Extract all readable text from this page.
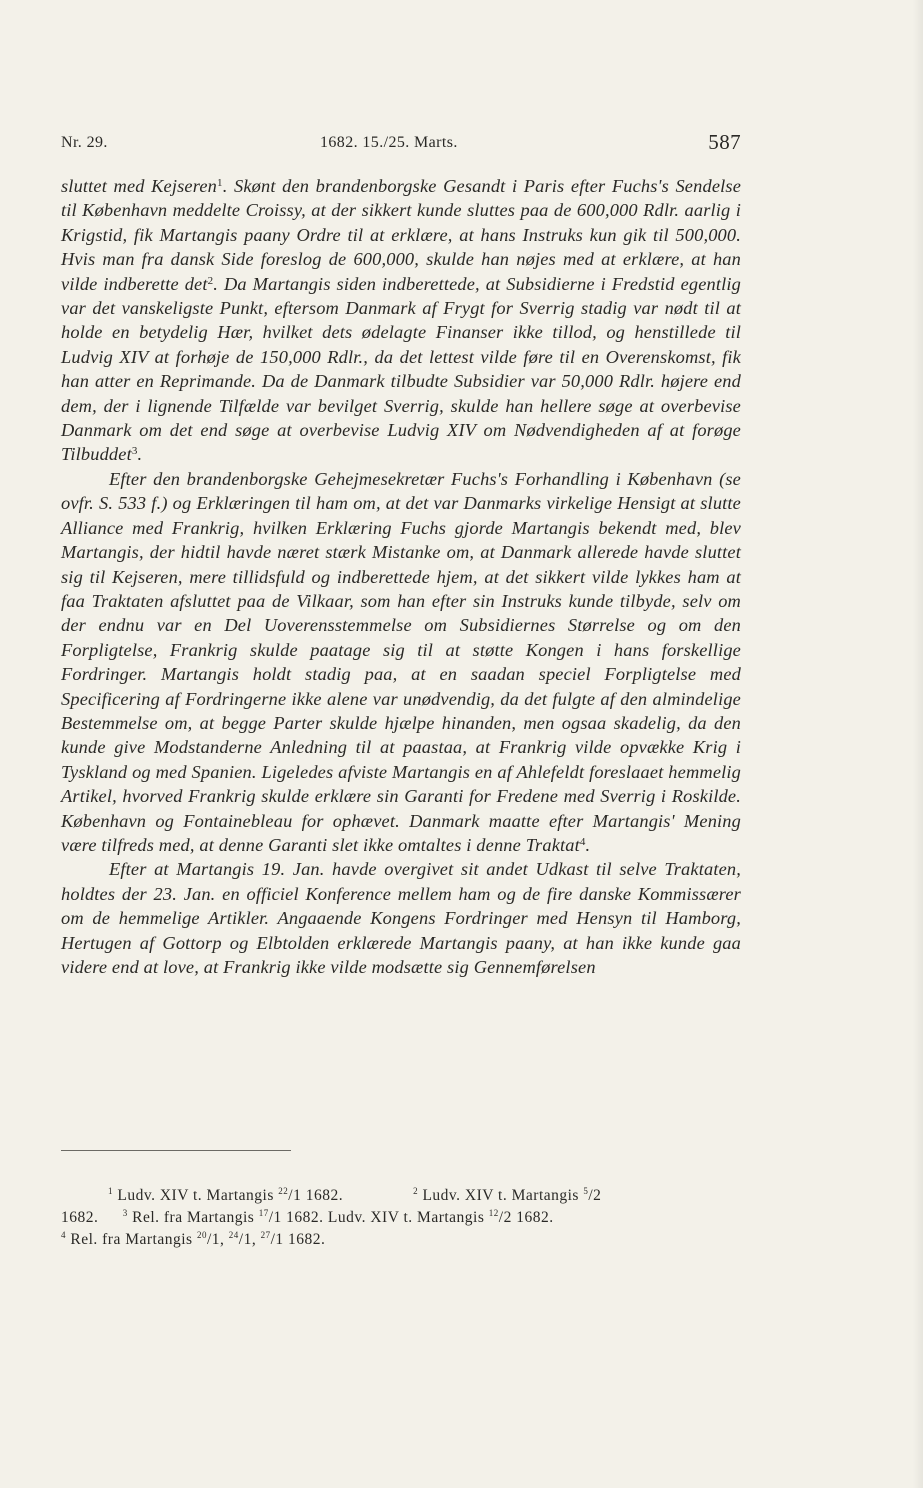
Nr. 29.	1682. 15./25. Marts.	587

sluttet med Kejseren$^1$. Skønt den brandenborgske Gesandt i Paris efter Fuchs's Sendelse til København meddelte Croissy, at der sikkert kunde sluttes paa de 600,000 Rdlr. aarlig i Krigstid, fik Martangis paany Ordre til at erklære, at hans Instruks kun gik til 500,000. Hvis man fra dansk Side foreslog de 600,000, skulde han nøjes med at erklære, at han vilde indberette det$^2$. Da Martangis siden indberettede, at Subsidierne i Fredstid egentlig var det vanskeligste Punkt, eftersom Danmark af Frygt for Sverrig stadig var nødt til at holde en betydelig Hær, hvilket dets ødelagte Finanser ikke tillod, og henstillede til Ludvig XIV at forhøje de 150,000 Rdlr., da det lettest vilde føre til en Overenskomst, fik han atter en Reprimande. Da de Danmark tilbudte Subsidier var 50,000 Rdlr. højere end dem, der i lignende Tilfælde var bevilget Sverrig, skulde han hellere søge at overbevise Danmark om det end søge at overbevise Ludvig XIV om Nødvendigheden af at forøge Tilbuddet$^3$.

Efter den brandenborgske Gehejmesekretær Fuchs's Forhandling i København (se ovfr. S. 533 f.) og Erklæringen til ham om, at det var Danmarks virkelige Hensigt at slutte Alliance med Frankrig, hvilken Erklæring Fuchs gjorde Martangis bekendt med, blev Martangis, der hidtil havde næret stærk Mistanke om, at Danmark allerede havde sluttet sig til Kejseren, mere tillidsfuld og indberettede hjem, at det sikkert vilde lykkes ham at faa Traktaten afsluttet paa de Vilkaar, som han efter sin Instruks kunde tilbyde, selv om der endnu var en Del Uoverensstemmelse om Subsidiernes Størrelse og om den Forpligtelse, Frankrig skulde paatage sig til at støtte Kongen i hans forskellige Fordringer. Martangis holdt stadig paa, at en saadan speciel Forpligtelse med Specificering af Fordringerne ikke alene var unødvendig, da det fulgte af den almindelige Bestemmelse om, at begge Parter skulde hjælpe hinanden, men ogsaa skadelig, da den kunde give Modstanderne Anledning til at paastaa, at Frankrig vilde opvække Krig i Tyskland og med Spanien. Ligeledes afviste Martangis en af Ahlefeldt foreslaaet hemmelig Artikel, hvorved Frankrig skulde erklære sin Garanti for Fredene med Sverrig i Roskilde. København og Fontainebleau for ophævet. Danmark maatte efter Martangis' Mening være tilfreds med, at denne Garanti slet ikke omtaltes i denne Traktat$^4$.

Efter at Martangis 19. Jan. havde overgivet sit andet Udkast til selve Traktaten, holdtes der 23. Jan. en officiel Konference mellem ham og de fire danske Kommissærer om de hemmelige Artikler. Angaaende Kongens Fordringer med Hensyn til Hamborg, Hertugen af Gottorp og Elbtolden erklærede Martangis paany, at han ikke kunde gaa videre end at love, at Frankrig ikke vilde modsætte sig Gennemførelsen

$^1$ Ludv. XIV t. Martangis $^{22}$/1 1682.	$^2$ Ludv. XIV t. Martangis $^5$/2

1682.	$^3$ Rel. fra Martangis $^{17}$/1 1682. Ludv. XIV t. Martangis $^{12}$/2 1682.

$^4$ Rel. fra Martangis $^{20}$/1, $^{24}$/1, $^{27}$/1 1682.
